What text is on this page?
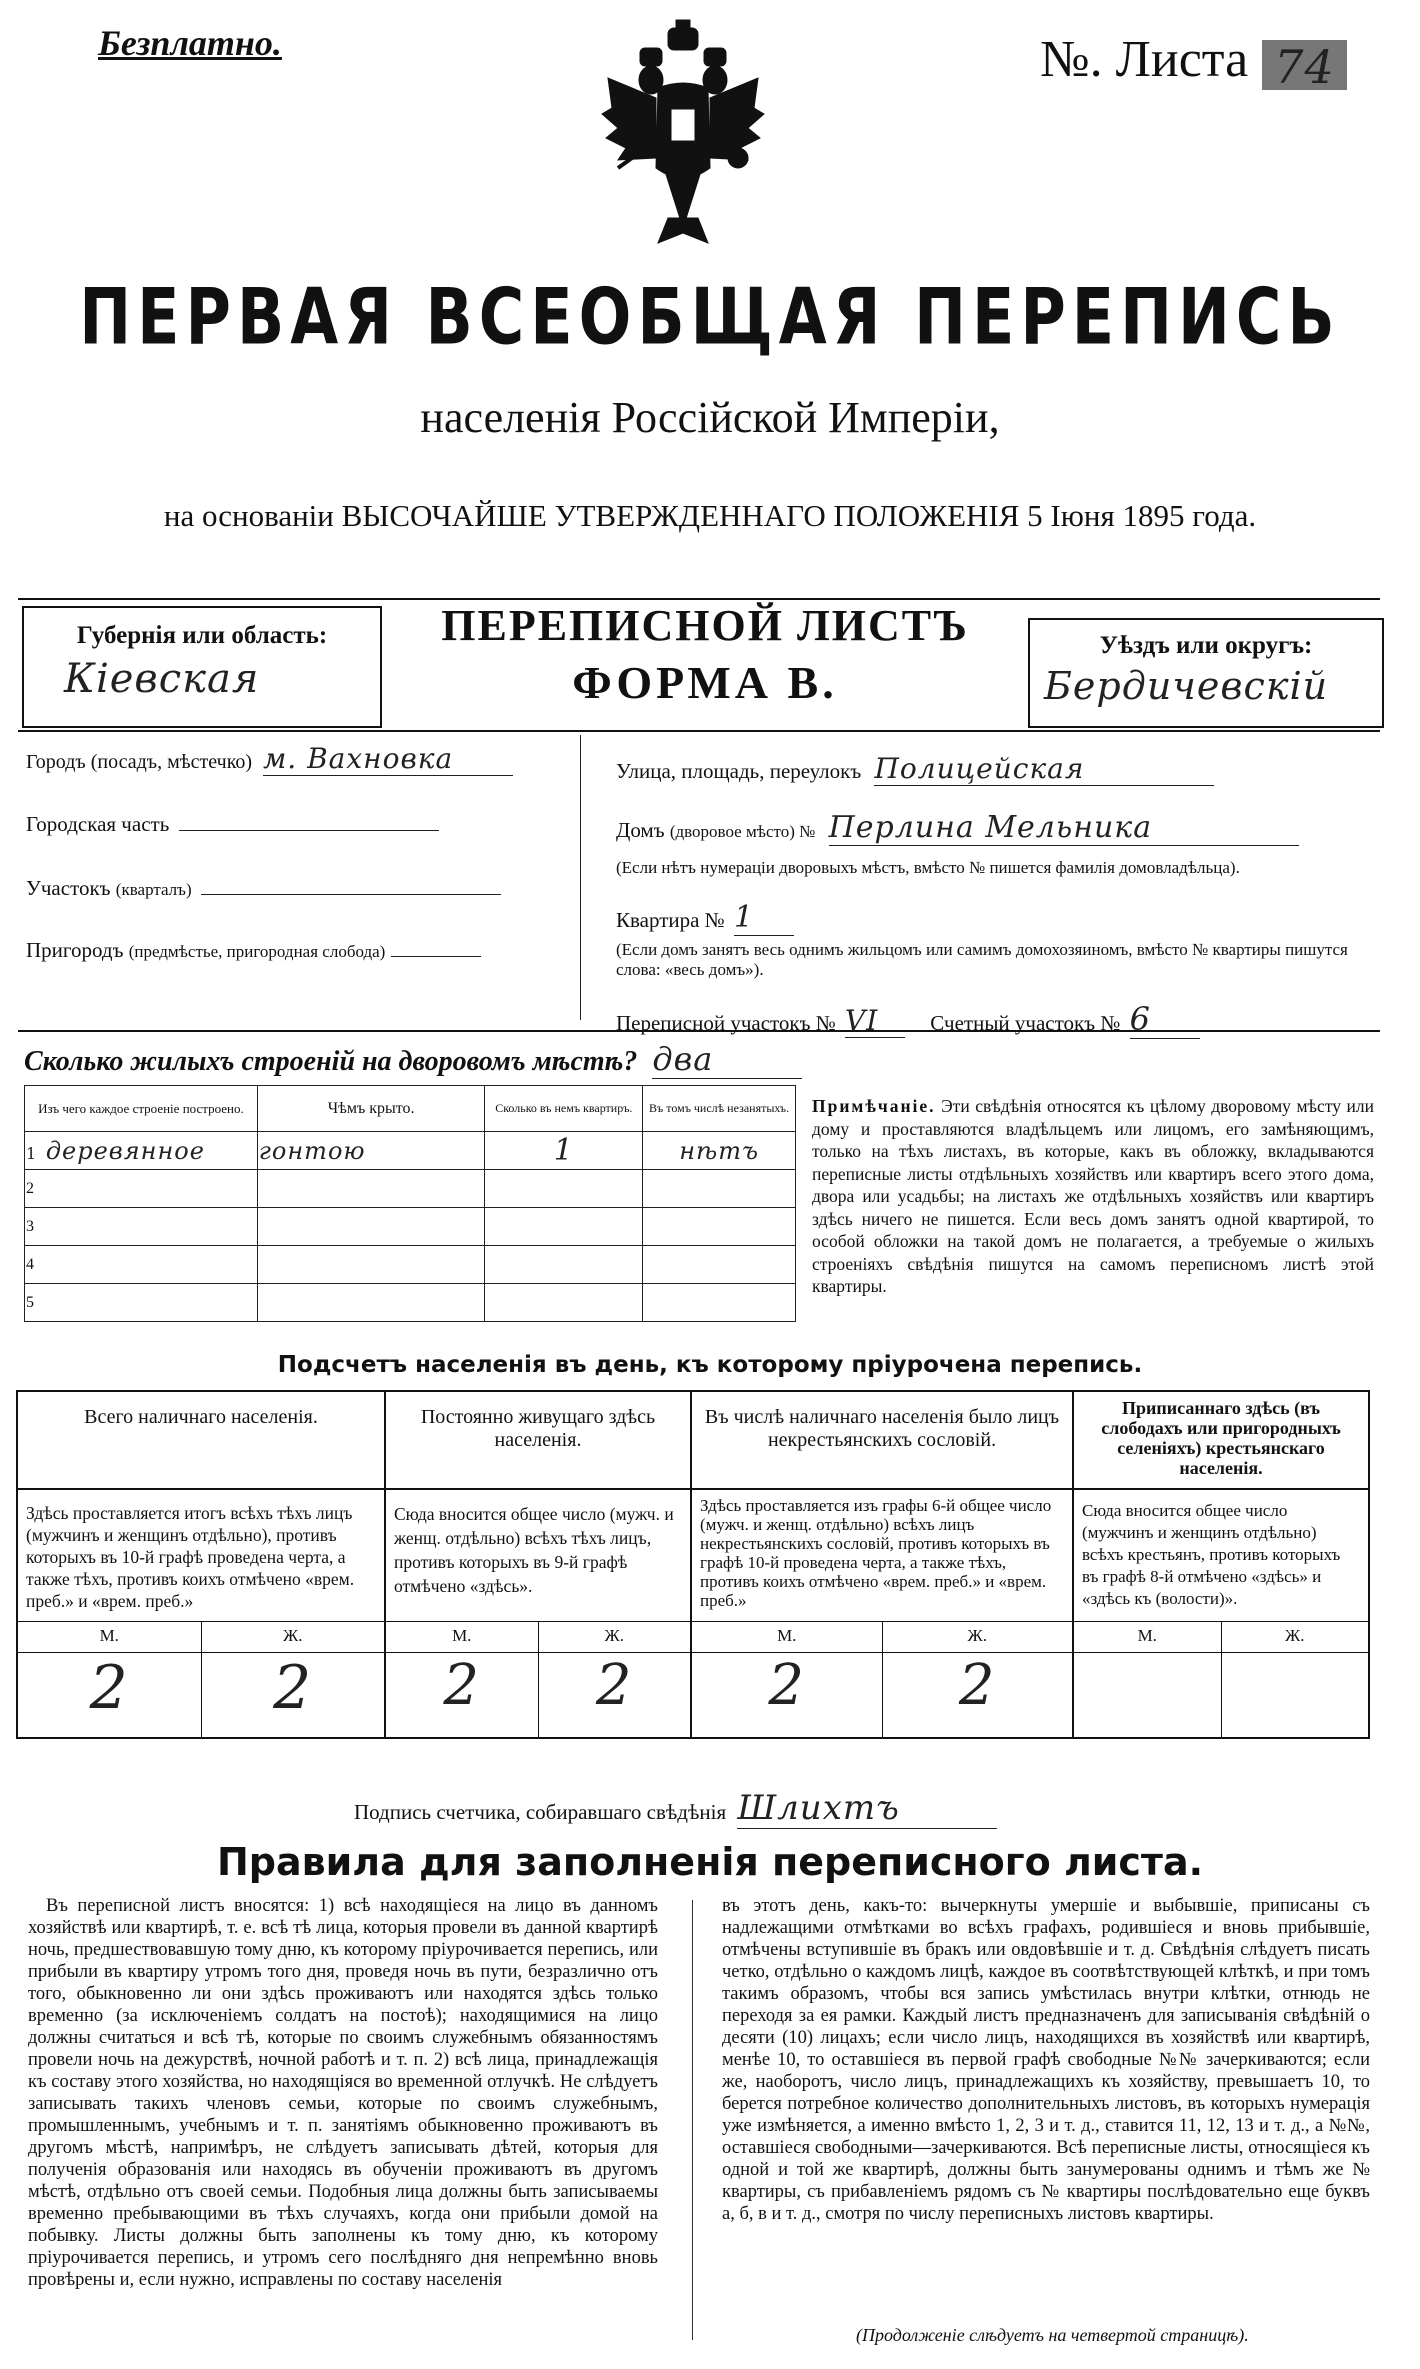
Безплатно.	№. Листа 74
ПЕРВАЯ ВСЕОБЩАЯ ПЕРЕПИСЬ
населенія Россійской Имперіи,
на основаніи ВЫСОЧАЙШЕ УТВЕРЖДЕННАГО ПОЛОЖЕНІЯ 5 Іюня 1895 года.
Губернія или область:
Кіевская
ПЕРЕПИСНОЙ ЛИСТЪ
ФОРМА В.
Уѣздъ или округъ:
Бердичевскій
Городъ (посадъ, мѣстечко) м. Вахновка
Городская часть
Участокъ (кварталъ)
Пригородъ (предмѣстье, пригородная слобода)
Улица, площадь, переулокъ Полицейская
Домъ (дворовое мѣсто) № Перлина Мельника
(Если нѣтъ нумераціи дворовыхъ мѣстъ, вмѣсто № пишется фамилія домовладѣльца).
Квартира № 1
(Если домъ занятъ весь однимъ жильцомъ или самимъ домохозяиномъ, вмѣсто № квартиры пишутся слова: «весь домъ»).
Переписной участокъ № VI Счетный участокъ № 6
Сколько жилыхъ строеній на дворовомъ мѣстѣ? два
Изъ чего каждое строеніе построено.	Чѣмъ крыто.	Сколько въ немъ квартиръ.	Въ томъ числѣ незанятыхъ.
1 деревянное	гонтою	1	нѣтъ
2			
3			
4			
5			
Примѣчаніе. Эти свѣдѣнія относятся къ цѣлому дворовому мѣсту или дому и проставляются владѣльцемъ или лицомъ, его замѣняющимъ, только на тѣхъ листахъ, въ которые, какъ въ обложку, вкладываются переписные листы отдѣльныхъ хозяйствъ или квартиръ всего этого дома, двора или усадьбы; на листахъ же отдѣльныхъ хозяйствъ или квартиръ здѣсь ничего не пишется. Если весь домъ занятъ одной квартирой, то особой обложки на такой домъ не полагается, а требуемые о жилыхъ строеніяхъ свѣдѣнія пишутся на самомъ переписномъ листѣ этой квартиры.
Подсчетъ населенія въ день, къ которому пріурочена перепись.
Всего наличнаго населенія.
Здѣсь проставляется итогъ всѣхъ тѣхъ лицъ (мужчинъ и женщинъ отдѣльно), противъ которыхъ въ 10-й графѣ проведена черта, а также тѣхъ, противъ коихъ отмѣчено «врем. преб.» и «врем. преб.»
М.	Ж.
2	2
Постоянно живущаго здѣсь населенія.
Сюда вносится общее число (мужч. и женщ. отдѣльно) всѣхъ тѣхъ лицъ, противъ которыхъ въ 9-й графѣ отмѣчено «здѣсь».
М.	Ж.
2	2
Въ числѣ наличнаго населенія было лицъ некрестьянскихъ сословій.
Здѣсь проставляется изъ графы 6-й общее число (мужч. и женщ. отдѣльно) всѣхъ лицъ некрестьянскихъ сословій, противъ которыхъ въ графѣ 10-й проведена черта, а также тѣхъ, противъ коихъ отмѣчено «врем. преб.» и «врем. преб.»
М.	Ж.
2	2
Приписаннаго здѣсь (въ слободахъ или пригородныхъ селеніяхъ) крестьянскаго населенія.
Сюда вносится общее число (мужчинъ и женщинъ отдѣльно) всѣхъ крестьянъ, противъ которыхъ въ графѣ 8-й отмѣчено «здѣсь» и «здѣсь къ (волости)».
М.	Ж.
Подпись счетчика, собиравшаго свѣдѣнія Шлихтъ
Правила для заполненія переписного листа.
Въ переписной листъ вносятся: 1) всѣ находящіеся на лицо въ данномъ хозяйствѣ или квартирѣ, т. е. всѣ тѣ лица, которыя провели въ данной квартирѣ ночь, предшествовавшую тому дню, къ которому пріурочивается перепись, или прибыли въ квартиру утромъ того дня, проведя ночь въ пути, безразлично отъ того, обыкновенно ли они здѣсь проживаютъ или находятся здѣсь только временно (за исключеніемъ солдатъ на постоѣ); находящимися на лицо должны считаться и всѣ тѣ, которые по своимъ служебнымъ обязанностямъ провели ночь на дежурствѣ, ночной работѣ и т. п. 2) всѣ лица, принадлежащія къ составу этого хозяйства, но находящіяся во временной отлучкѣ. Не слѣдуетъ записывать такихъ членовъ семьи, которые по своимъ служебнымъ, промышленнымъ, учебнымъ и т. п. занятіямъ обыкновенно проживаютъ въ другомъ мѣстѣ, напримѣръ, не слѣдуетъ записывать дѣтей, которыя для полученія образованія или находясь въ обученіи проживаютъ въ другомъ мѣстѣ, отдѣльно отъ своей семьи. Подобныя лица должны быть записываемы временно пребывающими въ тѣхъ случаяхъ, когда они прибыли домой на побывку. Листы должны быть заполнены къ тому дню, къ которому пріурочивается перепись, и утромъ сего послѣдняго дня непремѣнно вновь провѣрены и, если нужно, исправлены по составу населенія
въ этотъ день, какъ-то: вычеркнуты умершіе и выбывшіе, приписаны съ надлежащими отмѣтками во всѣхъ графахъ, родившіеся и вновь прибывшіе, отмѣчены вступившіе въ бракъ или овдовѣвшіе и т. д. Свѣдѣнія слѣдуетъ писать четко, отдѣльно о каждомъ лицѣ, каждое въ соотвѣтствующей клѣткѣ, и при томъ такимъ образомъ, чтобы вся запись умѣстилась внутри клѣтки, отнюдь не переходя за ея рамки. Каждый листъ предназначенъ для записыванія свѣдѣній о десяти (10) лицахъ; если число лицъ, находящихся въ хозяйствѣ или квартирѣ, менѣе 10, то оставшіеся въ первой графѣ свободные №№ зачеркиваются; если же, наоборотъ, число лицъ, принадлежащихъ къ хозяйству, превышаетъ 10, то берется потребное количество дополнительныхъ листовъ, въ которыхъ нумерація уже измѣняется, а именно вмѣсто 1, 2, 3 и т. д., ставится 11, 12, 13 и т. д., а №№, оставшіеся свободными—зачеркиваются. Всѣ переписные листы, относящіеся къ одной и той же квартирѣ, должны быть занумерованы однимъ и тѣмъ же № квартиры, съ прибавленіемъ рядомъ съ № квартиры послѣдовательно еще буквъ а, б, в и т. д., смотря по числу переписныхъ листовъ квартиры.
(Продолженіе слѣдуетъ на четвертой страницѣ).
